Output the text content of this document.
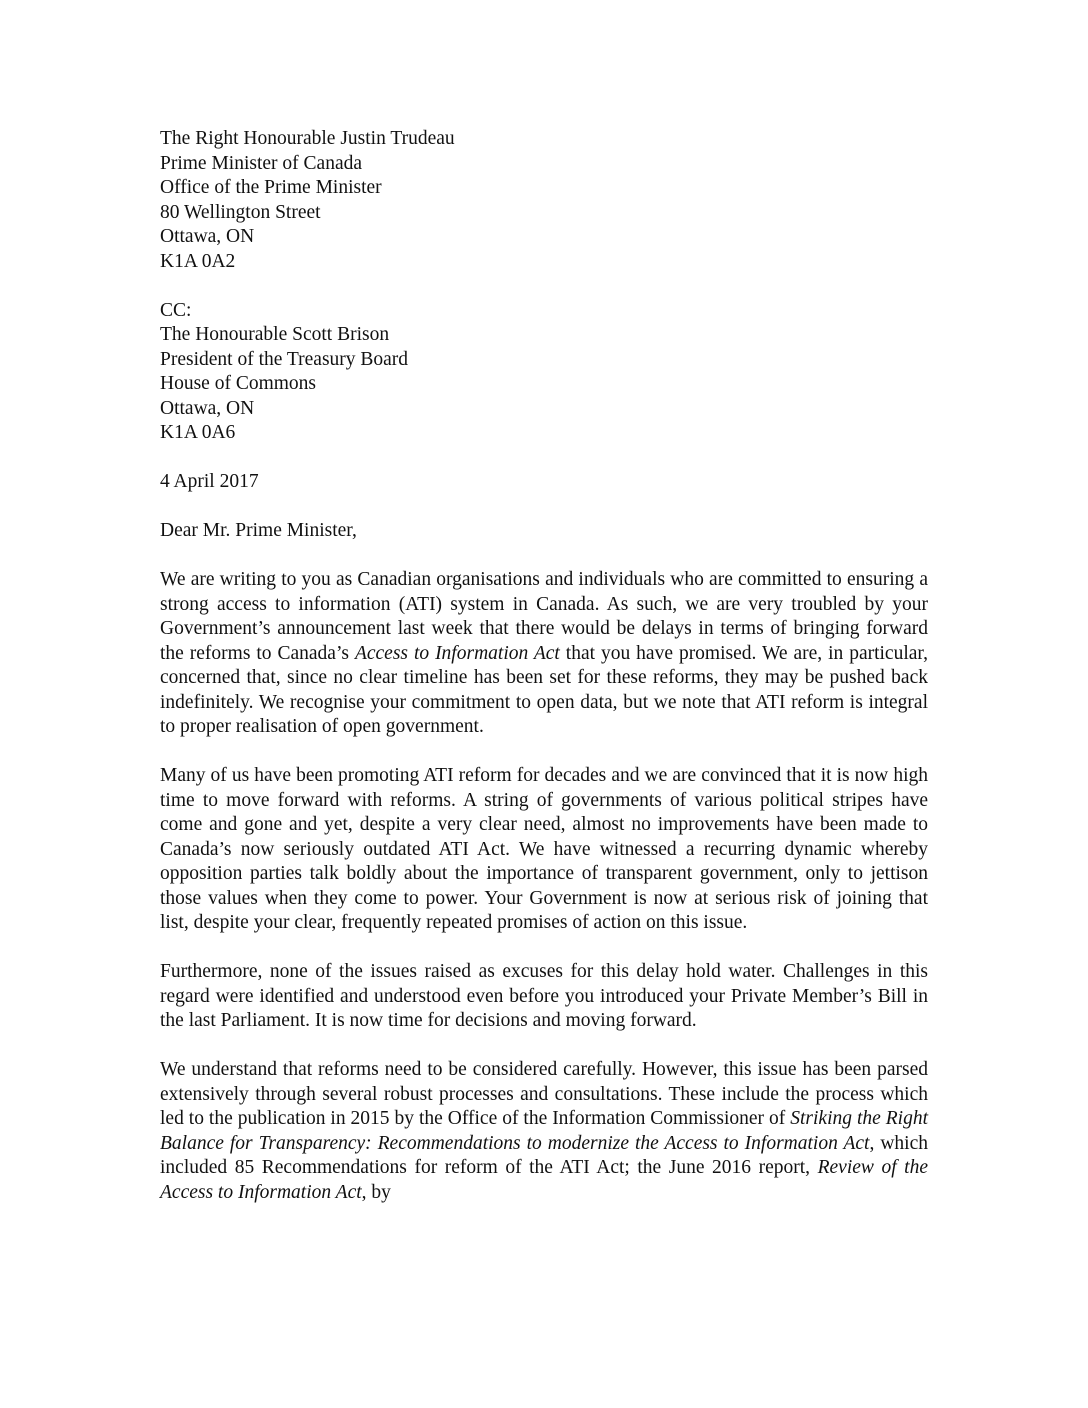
The Right Honourable Justin Trudeau
Prime Minister of Canada
Office of the Prime Minister
80 Wellington Street
Ottawa, ON
K1A 0A2
CC:
The Honourable Scott Brison
President of the Treasury Board
House of Commons
Ottawa, ON
K1A 0A6
4 April 2017
Dear Mr. Prime Minister,

We are writing to you as Canadian organisations and individuals who are committed to ensuring a strong access to information (ATI) system in Canada. As such, we are very troubled by your Government’s announcement last week that there would be delays in terms of bringing forward the reforms to Canada’s Access to Information Act that you have promised. We are, in particular, concerned that, since no clear timeline has been set for these reforms, they may be pushed back indefinitely. We recognise your commitment to open data, but we note that ATI reform is integral to proper realisation of open government.

Many of us have been promoting ATI reform for decades and we are convinced that it is now high time to move forward with reforms. A string of governments of various political stripes have come and gone and yet, despite a very clear need, almost no improvements have been made to Canada’s now seriously outdated ATI Act. We have witnessed a recurring dynamic whereby opposition parties talk boldly about the importance of transparent government, only to jettison those values when they come to power. Your Government is now at serious risk of joining that list, despite your clear, frequently repeated promises of action on this issue.

Furthermore, none of the issues raised as excuses for this delay hold water. Challenges in this regard were identified and understood even before you introduced your Private Member’s Bill in the last Parliament. It is now time for decisions and moving forward.

We understand that reforms need to be considered carefully. However, this issue has been parsed extensively through several robust processes and consultations. These include the process which led to the publication in 2015 by the Office of the Information Commissioner of Striking the Right Balance for Transparency: Recommendations to modernize the Access to Information Act, which included 85 Recommendations for reform of the ATI Act; the June 2016 report, Review of the Access to Information Act, by
